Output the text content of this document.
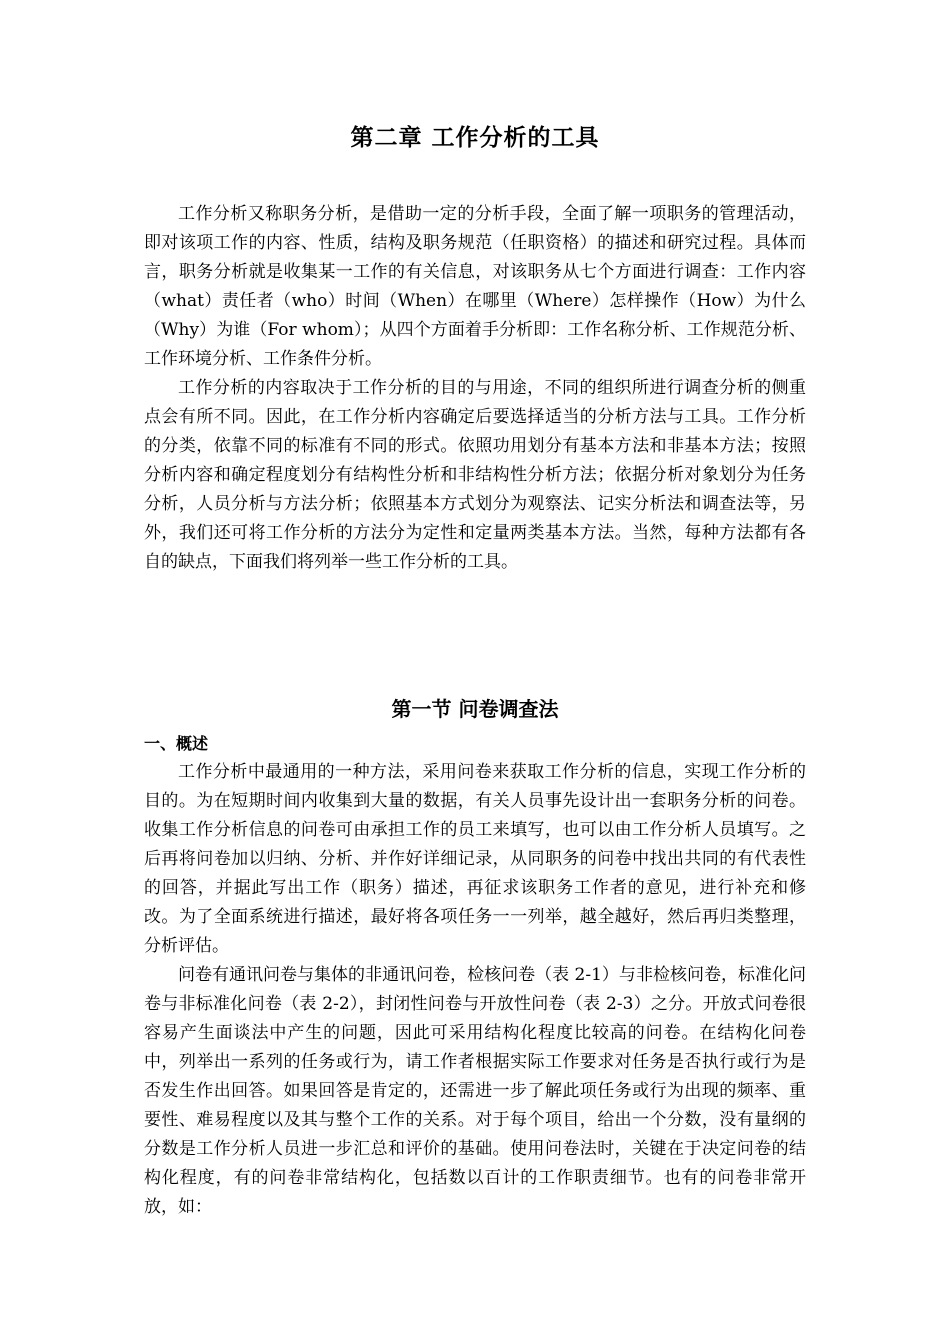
第二章 工作分析的工具

工作分析又称职务分析，是借助一定的分析手段，全面了解一项职务的管理活动，即对该项工作的内容、性质，结构及职务规范（任职资格）的描述和研究过程。具体而言，职务分析就是收集某一工作的有关信息，对该职务从七个方面进行调查：工作内容（what）责任者（who）时间（When）在哪里（Where）怎样操作（How）为什么（Why）为谁（For whom）；从四个方面着手分析即：工作名称分析、工作规范分析、工作环境分析、工作条件分析。

工作分析的内容取决于工作分析的目的与用途，不同的组织所进行调查分析的侧重点会有所不同。因此，在工作分析内容确定后要选择适当的分析方法与工具。工作分析的分类，依靠不同的标准有不同的形式。依照功用划分有基本方法和非基本方法；按照分析内容和确定程度划分有结构性分析和非结构性分析方法；依据分析对象划分为任务分析，人员分析与方法分析；依照基本方式划分为观察法、记实分析法和调查法等，另外，我们还可将工作分析的方法分为定性和定量两类基本方法。当然，每种方法都有各自的缺点，下面我们将列举一些工作分析的工具。

第一节 问卷调查法
一、概述

工作分析中最通用的一种方法，采用问卷来获取工作分析的信息，实现工作分析的目的。为在短期时间内收集到大量的数据，有关人员事先设计出一套职务分析的问卷。收集工作分析信息的问卷可由承担工作的员工来填写，也可以由工作分析人员填写。之后再将问卷加以归纳、分析、并作好详细记录，从同职务的问卷中找出共同的有代表性的回答，并据此写出工作（职务）描述，再征求该职务工作者的意见，进行补充和修改。为了全面系统进行描述，最好将各项任务一一列举，越全越好，然后再归类整理，分析评估。

问卷有通讯问卷与集体的非通讯问卷，检核问卷（表 2-1）与非检核问卷，标准化问卷与非标准化问卷（表 2-2），封闭性问卷与开放性问卷（表 2-3）之分。开放式问卷很容易产生面谈法中产生的问题，因此可采用结构化程度比较高的问卷。在结构化问卷中，列举出一系列的任务或行为，请工作者根据实际工作要求对任务是否执行或行为是否发生作出回答。如果回答是肯定的，还需进一步了解此项任务或行为出现的频率、重要性、难易程度以及其与整个工作的关系。对于每个项目，给出一个分数，没有量纲的分数是工作分析人员进一步汇总和评价的基础。使用问卷法时，关键在于决定问卷的结构化程度，有的问卷非常结构化，包括数以百计的工作职责细节。也有的问卷非常开放，如：
